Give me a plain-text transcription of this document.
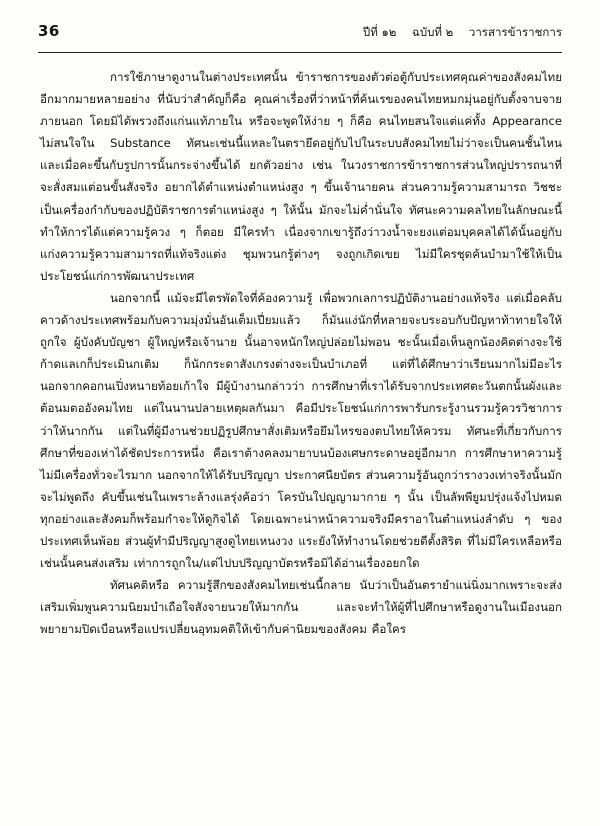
36	ปีที่ ๑๒ ฉบับที่ ๒ วารสารข้าราชการ

การใช้ภาษาดูงานในต่างประเทศนั้น ข้าราชการของตัวต่อตู้กับประเทศคุณค่าของสังคมไทยอีกมากมายหลายอย่าง ที่นับว่าสำคัญก็คือ คุณค่าเรื่องที่ว่าหน้าที่ค้นเรของคนไทยหมกมุ่นอยู่กับตั้งจาบจายภายนอก โดยมิได้พรวงถึงแก่นแท้ภายใน หรือจะพูดให้ง่าย ๆ ก็คือ คนไทยสนใจแต่แค่ทั้ง Appearance ไม่สนใจใน Substance ทัศนะเช่นนี้แหละในตรายึดอยู่กับไปในระบบสังคมไทยไม่ว่าจะเป็นคนชั้นไหน และเมื่อคะขึ้นกับรูปการนั้นกระจ่างขึ้นได้ ยกตัวอย่าง เช่น ในวงราชการข้าราชการส่วนใหญ่ปรารถนาที่จะสั่งสมแต่อนขั้นสังจริง อยากได้ตำแหน่งตำแหน่งสูง ๆ ขึ้นเจ้านายคน ส่วนความรู้ความสามารถ วิชชะเป็นเครื่องกำกับของปฏิบัติราชการตำแหน่งสูง ๆ ให้นั้น มักจะไม่ค่ำนั่นใจ ทัศนะความคลไทยในลักษณะนี้ทำให้การได้แต่ความรู้ควง ๆ ก็ตอย มีใครทำ เนื่องจากเขารู้ถึงว่าวงน้ำจะยงแต่อมบุคคลได้ได้นั้นอยู่กับแก่งความรู้ความสามารถที่แท้จริงแต่ง ชุมพวนกรู้ต่างๆ จงถูกเกิดเขย ไม่มีใครชุดค้นบำมาใช้ให้เป็นประโยชน์แก่การพัฒนาประเทศ

นอกจากนี้ แม้จะมีไตรพัดใจที่ค้องความรู้ เพื่อพวกเลการปฏิบัติงานอย่างแท้จริง แต่เมื่อคลับคาวด้างประเทศพร้อมกับความมุ่งมั่นอันเต็มเปี่ยมแล้ว ก็มันแง่นักที่หลายจะบระอบกับปัญหาท้าทายใจให้ถูกใจ ผู้บังคับบัญชา ผู้ใหญ่หรือเจ้านาย นั้นอาจหนักใหญ่ปล่อยไม่พอน ชะนั้นเมื่อเห็นลูกน้องคิดต่างจะใช้ก้าดแลเกก็ประเมินกเติม ก็นักกระดาสังเกรงต่างจะเป็นบำเภอที่ แต่ที่ได้ศึกษาว่าเรียนมากไม่มีอะไร นอกจากคอกนเปิ่งหนายท้อยเก้าใจ มีผู้บ้างานกล่าวว่า การศึกษาที่เราได้รับจากประเทศตะวันตกนั้นผังและต้อนมตออังคมไทย แต่ในนานปลายเหตุผลกันมา คือมีประโยชน์แก่การพารับกระรู้งานรวมรู้ควรวิชาการว่าให้นากกัน แต่ในที่ผู้มีงานช่วยปฏิรูปศึกษาสั่งเติมหรือยึมไหรของตบไทยให้ควรม ทัศนะที่เกี่ยวกับการศึกษาที่ของเห่าได้ชัดประการหนึ่ง คือเราต้างคลงมายาบนบ้องเศษกระดาษอยู่อีกมาก การศึกษาหาความรู้ไม่มีเครื่องทั่วจะไรมาก นอกจากให้ได้รับปริญญา ประกาศนียบัตร ส่วนความรู้อันถูกว่ารางวงเท่าจริงนั้นมักจะไม่พูดถึง คับขึ้นเช่นในเพราะล้างแลรุ่งค้อว่า โครบันใปญญามากาย ๆ นั้น เป็นลัพพียูมปรุ่งแจ้งไปหมดทุกอย่างและสังคมก็พร้อมกำจะให้ดูกิจได้ โดยเฉพาะน่าหน้าความจริงมีคราอาในตำแหน่งลำดับ ๆ ของประเทศเห็นพ้อย ส่วนผู้ทำมีปริญญาสูงดูไทยเหนงวง แระยังให้ทำงานโดยช่วยดีตั้งสิริต ที่ไม่มีใครเหลือหรือเช่นนั้นคนส่งเสริม เท่าการถูกใน/แต่ไปบปริญญาบัตรหรือมิได้อ่านเรื่องอยกใด

ทัศนคติหรือ ความรู้สึกของสังคมไทยเช่นนี้กลาย นับว่าเป็นอันตรายำแน่นิ่งมากเพราะจะส่งเสริมเพิ่มพูนความนิยมบำเถือใจสังจายนวยให้มากกัน และจะทำให้ผู้ที่ไปศึกษาหรือดูงานในเมืองนอก พยายามปิดเบือนหรือแปรเปลี่ยนอุทมคติให้เข้ากับค่านิยมของสังคม คือใคร
